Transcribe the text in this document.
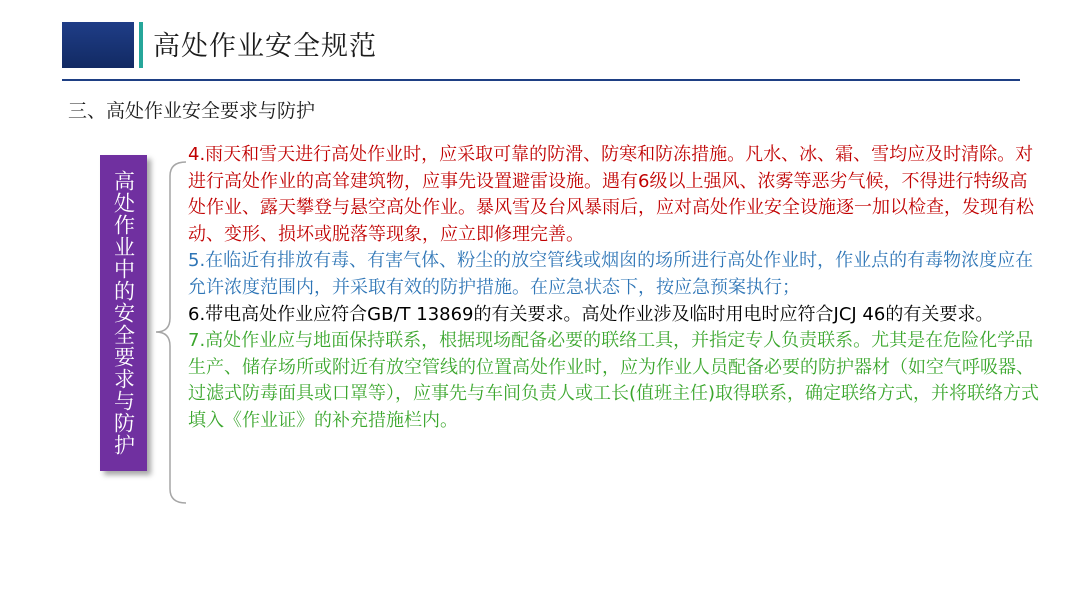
高处作业安全规范
三、高处作业安全要求与防护
高处作业中的安全要求与防护

4.雨天和雪天进行高处作业时，应采取可靠的防滑、防寒和防冻措施。凡水、冰、霜、雪均应及时清除。对进行高处作业的高耸建筑物，应事先设置避雷设施。遇有6级以上强风、浓雾等恶劣气候，不得进行特级高处作业、露天攀登与悬空高处作业。暴风雪及台风暴雨后，应对高处作业安全设施逐一加以检查，发现有松动、变形、损坏或脱落等现象，应立即修理完善。

5.在临近有排放有毒、有害气体、粉尘的放空管线或烟囱的场所进行高处作业时，作业点的有毒物浓度应在允许浓度范围内，并采取有效的防护措施。在应急状态下，按应急预案执行；

6.带电高处作业应符合GB/T 13869的有关要求。高处作业涉及临时用电时应符合JCJ 46的有关要求。

7.高处作业应与地面保持联系，根据现场配备必要的联络工具，并指定专人负责联系。尤其是在危险化学品生产、储存场所或附近有放空管线的位置高处作业时，应为作业人员配备必要的防护器材（如空气呼吸器、过滤式防毒面具或口罩等），应事先与车间负责人或工长(值班主任)取得联系，确定联络方式，并将联络方式填入《作业证》的补充措施栏内。
